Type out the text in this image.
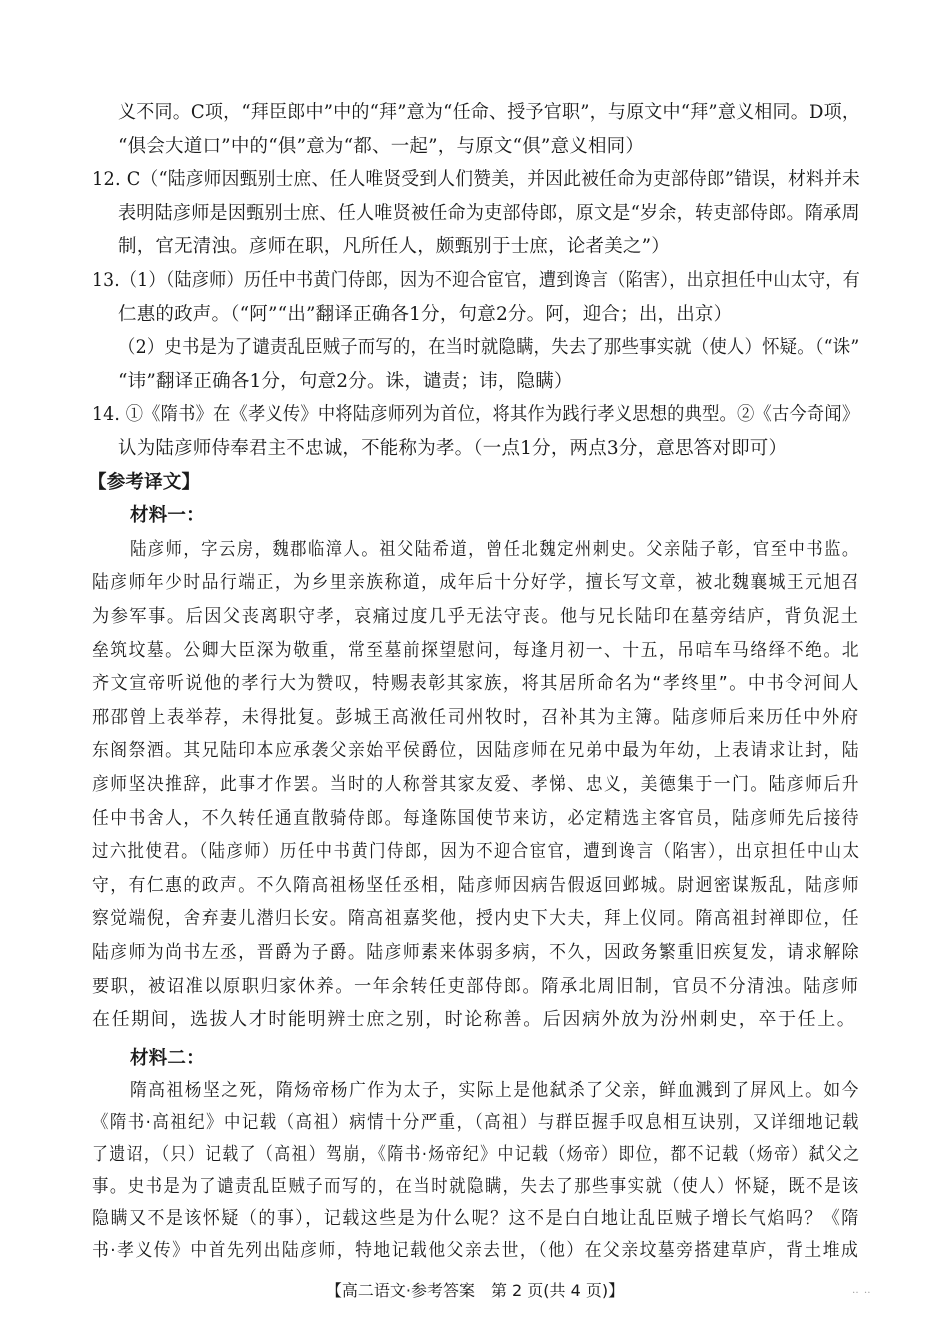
义不同。C项，“拜臣郎中”中的“拜”意为“任命、授予官职”，与原文中“拜”意义相同。D项，
“俱会大道口”中的“俱”意为“都、一起”，与原文“俱”意义相同）
12. C（“陆彦师因甄别士庶、任人唯贤受到人们赞美，并因此被任命为吏部侍郎”错误，材料并未
表明陆彦师是因甄别士庶、任人唯贤被任命为吏部侍郎，原文是“岁余，转吏部侍郎。隋承周
制，官无清浊。彦师在职，凡所任人，颇甄别于士庶，论者美之”）
13.（1）（陆彦师）历任中书黄门侍郎，因为不迎合宦官，遭到谗言（陷害），出京担任中山太守，有
仁惠的政声。（“阿”“出”翻译正确各1分，句意2分。阿，迎合；出，出京）
（2）史书是为了谴责乱臣贼子而写的，在当时就隐瞒，失去了那些事实就（使人）怀疑。（“诛”
“讳”翻译正确各1分，句意2分。诛，谴责；讳，隐瞒）
14. ①《隋书》在《孝义传》中将陆彦师列为首位，将其作为践行孝义思想的典型。②《古今奇闻》
认为陆彦师侍奉君主不忠诚，不能称为孝。（一点1分，两点3分，意思答对即可）
【参考译文】
材料一：
陆彦师，字云房，魏郡临漳人。祖父陆希道，曾任北魏定州刺史。父亲陆子彰，官至中书监。
陆彦师年少时品行端正，为乡里亲族称道，成年后十分好学，擅长写文章，被北魏襄城王元旭召
为参军事。后因父丧离职守孝，哀痛过度几乎无法守丧。他与兄长陆印在墓旁结庐，背负泥土
垒筑坟墓。公卿大臣深为敬重，常至墓前探望慰问，每逢月初一、十五，吊唁车马络绎不绝。北
齐文宣帝听说他的孝行大为赞叹，特赐表彰其家族，将其居所命名为“孝终里”。中书令河间人
邢邵曾上表举荐，未得批复。彭城王高浟任司州牧时，召补其为主簿。陆彦师后来历任中外府
东阁祭酒。其兄陆印本应承袭父亲始平侯爵位，因陆彦师在兄弟中最为年幼，上表请求让封，陆
彦师坚决推辞，此事才作罢。当时的人称誉其家友爱、孝悌、忠义，美德集于一门。陆彦师后升
任中书舍人，不久转任通直散骑侍郎。每逢陈国使节来访，必定精选主客官员，陆彦师先后接待
过六批使君。（陆彦师）历任中书黄门侍郎，因为不迎合宦官，遭到谗言（陷害），出京担任中山太
守，有仁惠的政声。不久隋高祖杨坚任丞相，陆彦师因病告假返回邺城。尉迥密谋叛乱，陆彦师
察觉端倪，舍弃妻儿潜归长安。隋高祖嘉奖他，授内史下大夫，拜上仪同。隋高祖封禅即位，任
陆彦师为尚书左丞，晋爵为子爵。陆彦师素来体弱多病，不久，因政务繁重旧疾复发，请求解除
要职，被诏准以原职归家休养。一年余转任吏部侍郎。隋承北周旧制，官员不分清浊。陆彦师
在任期间，选拔人才时能明辨士庶之别，时论称善。后因病外放为汾州刺史，卒于任上。
材料二：
【高二语文·参考答案　第 2 页(共 4 页)】	‥ ‥
隋高祖杨坚之死，隋炀帝杨广作为太子，实际上是他弑杀了父亲，鲜血溅到了屏风上。如今
《隋书·高祖纪》中记载（高祖）病情十分严重，（高祖）与群臣握手叹息相互诀别，又详细地记载
了遗诏，（只）记载了（高祖）驾崩，《隋书·炀帝纪》中记载（炀帝）即位，都不记载（炀帝）弑父之
事。史书是为了谴责乱臣贼子而写的，在当时就隐瞒，失去了那些事实就（使人）怀疑，既不是该
隐瞒又不是该怀疑（的事），记载这些是为什么呢？这不是白白地让乱臣贼子增长气焰吗？《隋
书·孝义传》中首先列出陆彦师，特地记载他父亲去世，（他）在父亲坟墓旁搭建草庐，背土堆成
